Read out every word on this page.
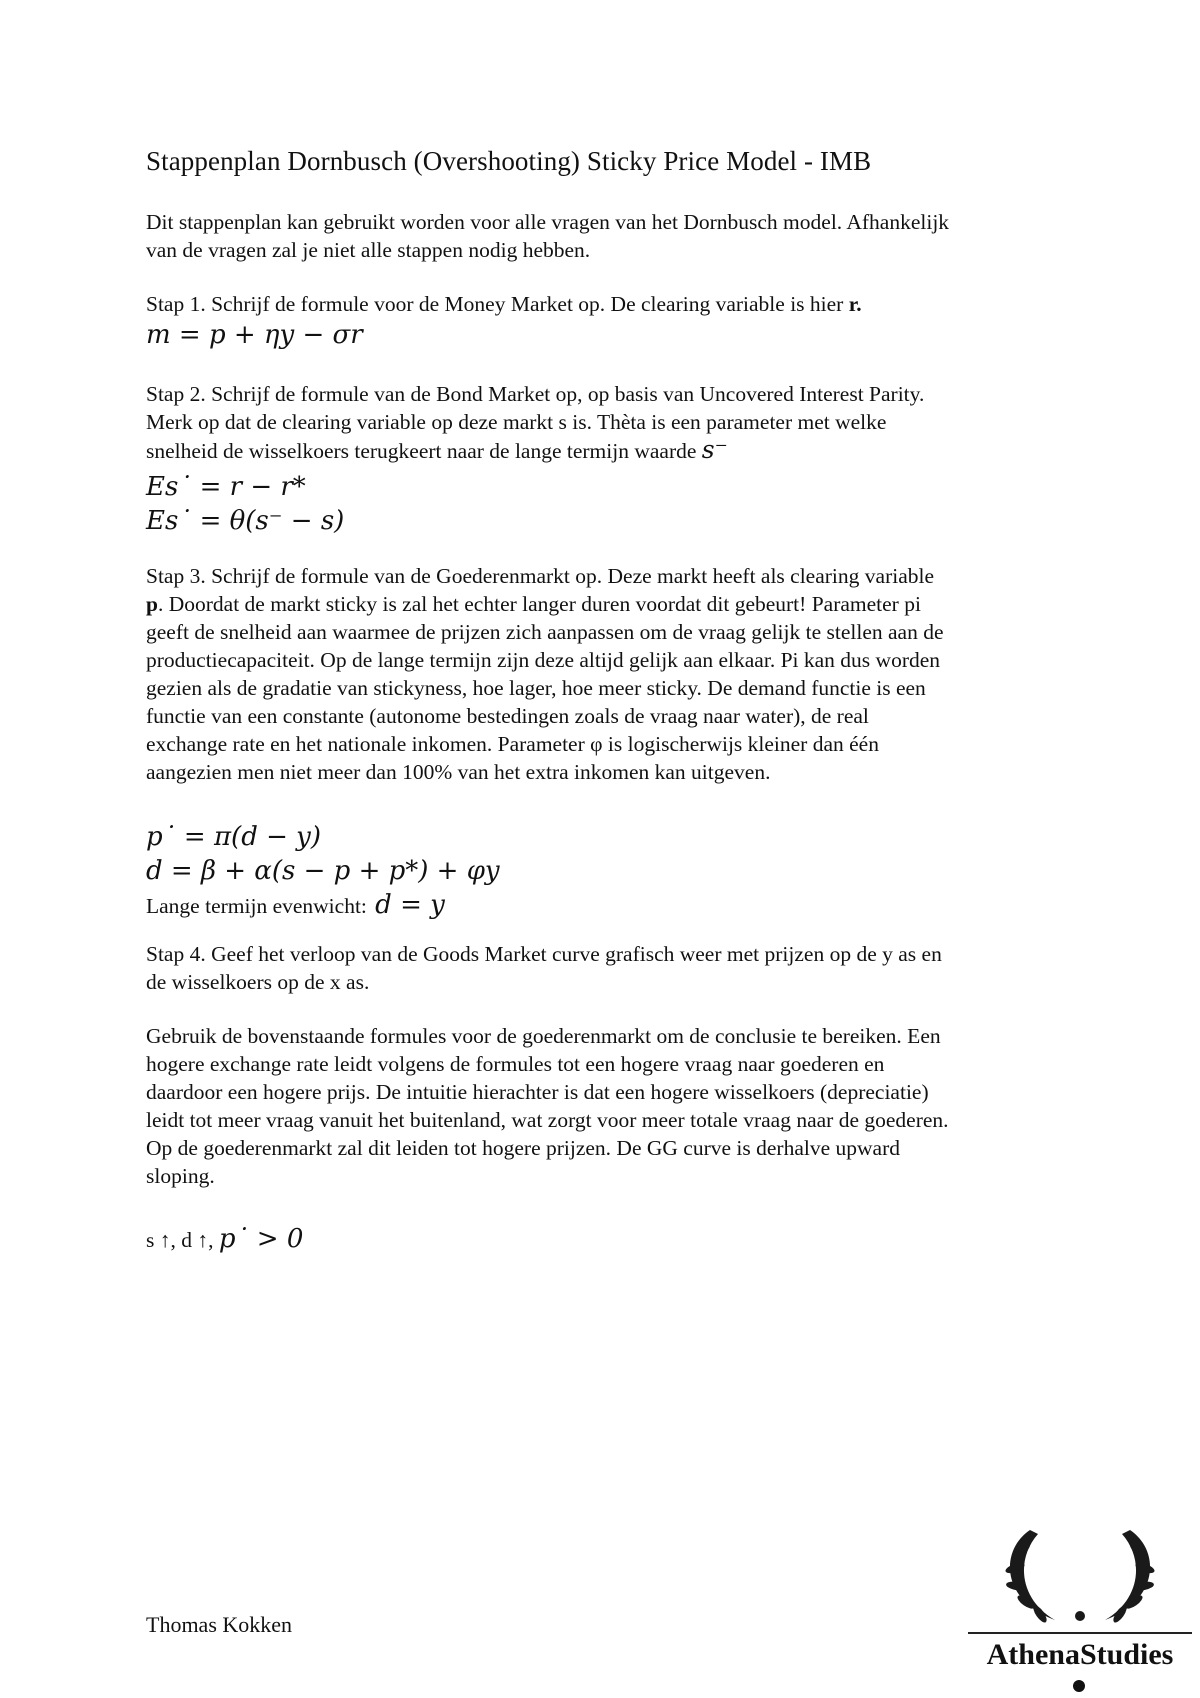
Stappenplan Dornbusch (Overshooting) Sticky Price Model - IMB

Dit stappenplan kan gebruikt worden voor alle vragen van het Dornbusch model. Afhankelijk

van de vragen zal je niet alle stappen nodig hebben.

Stap 1. Schrijf de formule voor de Money Market op. De clearing variable is hier r.

m = p + ηy − σr

Stap 2. Schrijf de formule van de Bond Market op, op basis van Uncovered Interest Parity.

Merk op dat de clearing variable op deze markt s is. Thèta is een parameter met welke

snelheid de wisselkoers terugkeert naar de lange termijn waarde s⁻

Es˙ = r − r*
Es˙ = θ(s⁻ − s)

Stap 3. Schrijf de formule van de Goederenmarkt op. Deze markt heeft als clearing variable

p. Doordat de markt sticky is zal het echter langer duren voordat dit gebeurt! Parameter pi

geeft de snelheid aan waarmee de prijzen zich aanpassen om de vraag gelijk te stellen aan de

productiecapaciteit. Op de lange termijn zijn deze altijd gelijk aan elkaar. Pi kan dus worden

gezien als de gradatie van stickyness, hoe lager, hoe meer sticky. De demand functie is een

functie van een constante (autonome bestedingen zoals de vraag naar water), de real

exchange rate en het nationale inkomen. Parameter φ is logischerwijs kleiner dan één

aangezien men niet meer dan 100% van het extra inkomen kan uitgeven.

p˙ = π(d − y)
d = β + α(s − p + p*) + φy
Lange termijn evenwicht: d = y

Stap 4. Geef het verloop van de Goods Market curve grafisch weer met prijzen op de y as en

de wisselkoers op de x as.

Gebruik de bovenstaande formules voor de goederenmarkt om de conclusie te bereiken. Een

hogere exchange rate leidt volgens de formules tot een hogere vraag naar goederen en

daardoor een hogere prijs. De intuitie hierachter is dat een hogere wisselkoers (depreciatie)

leidt tot meer vraag vanuit het buitenland, wat zorgt voor meer totale vraag naar de goederen.

Op de goederenmarkt zal dit leiden tot hogere prijzen. De GG curve is derhalve upward

sloping.

s ↑, d ↑, p˙ > 0
Thomas Kokken
AthenaStudies
